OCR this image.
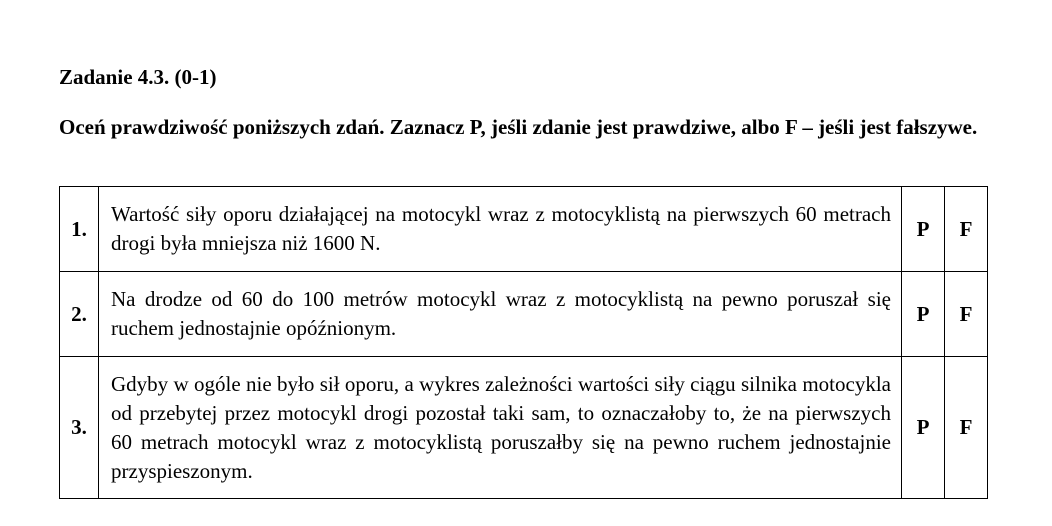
Zadanie 4.3. (0-1)

Oceń prawdziwość poniższych zdań. Zaznacz P, jeśli zdanie jest prawdziwe, albo F – jeśli jest fałszywe.

1.	Wartość siły oporu działającej na motocykl wraz z motocyklistą na pierwszych 60 metrach drogi była mniejsza niż 1600 N.	P	F
2.	Na drodze od 60 do 100 metrów motocykl wraz z motocyklistą na pewno poruszał się ruchem jednostajnie opóźnionym.	P	F
3.	Gdyby w ogóle nie było sił oporu, a wykres zależności wartości siły ciągu silnika motocykla od przebytej przez motocykl drogi pozostał taki sam, to oznaczałoby to, że na pierwszych 60 metrach motocykl wraz z motocyklistą poruszałby się na pewno ruchem jednostajnie przyspieszonym.	P	F
